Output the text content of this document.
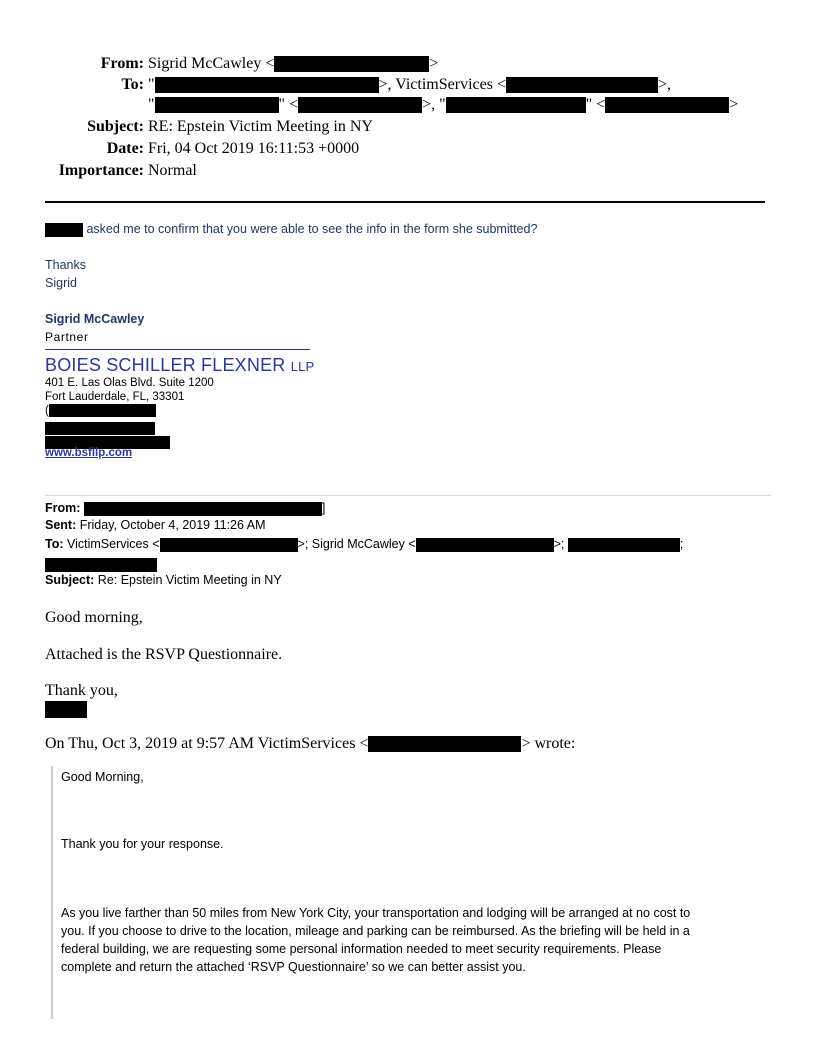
From: Sigrid McCawley <	>
To: "	>, VictimServices <	>,
"	" <	>, "	" <	>
Subject: RE: Epstein Victim Meeting in NY
Date: Fri, 04 Oct 2019 16:11:53 +0000
Importance: Normal
asked me to confirm that you were able to see the info in the form she submitted?
Thanks
Sigrid
Sigrid McCawley
Partner
BOIES SCHILLER FLEXNER LLP
401 E. Las Olas Blvd. Suite 1200
Fort Lauderdale, FL, 33301
(
www.bsfllp.com
From:	]
Sent: Friday, October 4, 2019 11:26 AM
To: VictimServices <	>; Sigrid McCawley <	>;	;
Subject: Re: Epstein Victim Meeting in NY
Good morning,
Attached is the RSVP Questionnaire.
Thank you,
On Thu, Oct 3, 2019 at 9:57 AM VictimServices <	> wrote:
Good Morning,
Thank you for your response.
As you live farther than 50 miles from New York City, your transportation and lodging will be arranged at no cost to
you. If you choose to drive to the location, mileage and parking can be reimbursed. As the briefing will be held in a
federal building, we are requesting some personal information needed to meet security requirements. Please
complete and return the attached ‘RSVP Questionnaire’ so we can better assist you.
